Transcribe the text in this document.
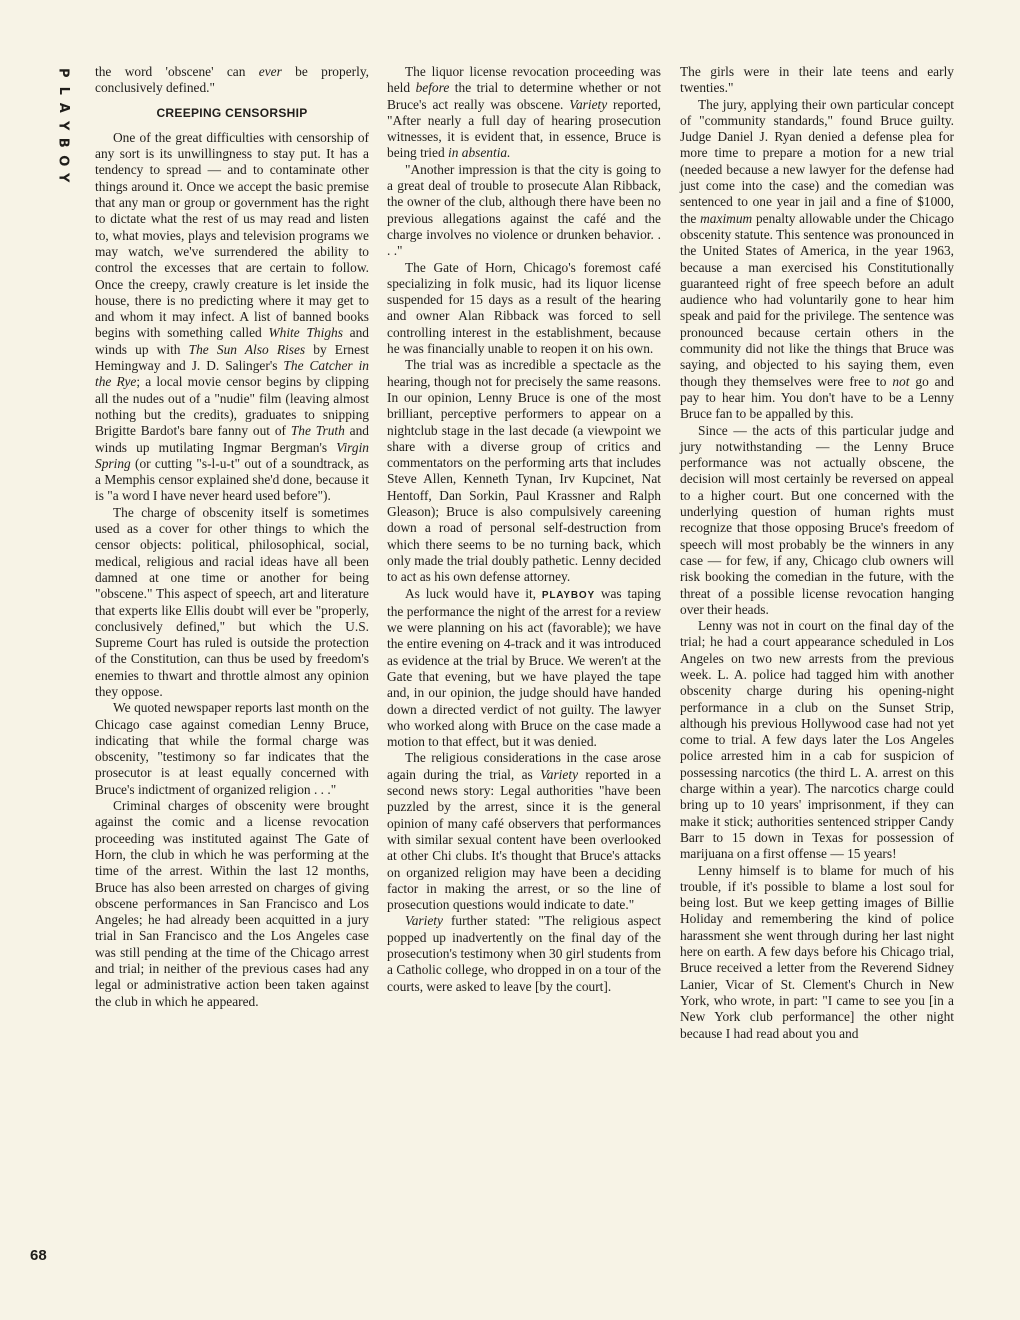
P
L
A
Y
B
O
Y
68

the word 'obscene' can ever be properly, conclusively defined."

CREEPING CENSORSHIP

One of the great difficulties with censorship of any sort is its unwillingness to stay put. It has a tendency to spread — and to contaminate other things around it. Once we accept the basic premise that any man or group or government has the right to dictate what the rest of us may read and listen to, what movies, plays and television programs we may watch, we've surrendered the ability to control the excesses that are certain to follow. Once the creepy, crawly creature is let inside the house, there is no predicting where it may get to and whom it may infect. A list of banned books begins with something called White Thighs and winds up with The Sun Also Rises by Ernest Hemingway and J. D. Salinger's The Catcher in the Rye; a local movie censor begins by clipping all the nudes out of a "nudie" film (leaving almost nothing but the credits), graduates to snipping Brigitte Bardot's bare fanny out of The Truth and winds up mutilating Ingmar Bergman's Virgin Spring (or cutting "s-l-u-t" out of a soundtrack, as a Memphis censor explained she'd done, because it is "a word I have never heard used before").

The charge of obscenity itself is sometimes used as a cover for other things to which the censor objects: political, philosophical, social, medical, religious and racial ideas have all been damned at one time or another for being "obscene." This aspect of speech, art and literature that experts like Ellis doubt will ever be "properly, conclusively defined," but which the U.S. Supreme Court has ruled is outside the protection of the Constitution, can thus be used by freedom's enemies to thwart and throttle almost any opinion they oppose.

We quoted newspaper reports last month on the Chicago case against comedian Lenny Bruce, indicating that while the formal charge was obscenity, "testimony so far indicates that the prosecutor is at least equally concerned with Bruce's indictment of organized religion . . ."

Criminal charges of obscenity were brought against the comic and a license revocation proceeding was instituted against The Gate of Horn, the club in which he was performing at the time of the arrest. Within the last 12 months, Bruce has also been arrested on charges of giving obscene performances in San Francisco and Los Angeles; he had already been acquitted in a jury trial in San Francisco and the Los Angeles case was still pending at the time of the Chicago arrest and trial; in neither of the previous cases had any legal or administrative action been taken against the club in which he appeared.

The liquor license revocation proceeding was held before the trial to determine whether or not Bruce's act really was obscene. Variety reported, "After nearly a full day of hearing prosecution witnesses, it is evident that, in essence, Bruce is being tried in absentia.

"Another impression is that the city is going to a great deal of trouble to prosecute Alan Ribback, the owner of the club, although there have been no previous allegations against the café and the charge involves no violence or drunken behavior. . . ."

The Gate of Horn, Chicago's foremost café specializing in folk music, had its liquor license suspended for 15 days as a result of the hearing and owner Alan Ribback was forced to sell controlling interest in the establishment, because he was financially unable to reopen it on his own.

The trial was as incredible a spectacle as the hearing, though not for precisely the same reasons. In our opinion, Lenny Bruce is one of the most brilliant, perceptive performers to appear on a nightclub stage in the last decade (a viewpoint we share with a diverse group of critics and commentators on the performing arts that includes Steve Allen, Kenneth Tynan, Irv Kupcinet, Nat Hentoff, Dan Sorkin, Paul Krassner and Ralph Gleason); Bruce is also compulsively careening down a road of personal self-destruction from which there seems to be no turning back, which only made the trial doubly pathetic. Lenny decided to act as his own defense attorney.

As luck would have it, PLAYBOY was taping the performance the night of the arrest for a review we were planning on his act (favorable); we have the entire evening on 4-track and it was introduced as evidence at the trial by Bruce. We weren't at the Gate that evening, but we have played the tape and, in our opinion, the judge should have handed down a directed verdict of not guilty. The lawyer who worked along with Bruce on the case made a motion to that effect, but it was denied.

The religious considerations in the case arose again during the trial, as Variety reported in a second news story: Legal authorities "have been puzzled by the arrest, since it is the general opinion of many café observers that performances with similar sexual content have been overlooked at other Chi clubs. It's thought that Bruce's attacks on organized religion may have been a deciding factor in making the arrest, or so the line of prosecution questions would indicate to date."

Variety further stated: "The religious aspect popped up inadvertently on the final day of the prosecution's testimony when 30 girl students from a Catholic college, who dropped in on a tour of the courts, were asked to leave [by the court].

The girls were in their late teens and early twenties."

The jury, applying their own particular concept of "community standards," found Bruce guilty. Judge Daniel J. Ryan denied a defense plea for more time to prepare a motion for a new trial (needed because a new lawyer for the defense had just come into the case) and the comedian was sentenced to one year in jail and a fine of $1000, the maximum penalty allowable under the Chicago obscenity statute. This sentence was pronounced in the United States of America, in the year 1963, because a man exercised his Constitutionally guaranteed right of free speech before an adult audience who had voluntarily gone to hear him speak and paid for the privilege. The sentence was pronounced because certain others in the community did not like the things that Bruce was saying, and objected to his saying them, even though they themselves were free to not go and pay to hear him. You don't have to be a Lenny Bruce fan to be appalled by this.

Since — the acts of this particular judge and jury notwithstanding — the Lenny Bruce performance was not actually obscene, the decision will most certainly be reversed on appeal to a higher court. But one concerned with the underlying question of human rights must recognize that those opposing Bruce's freedom of speech will most probably be the winners in any case — for few, if any, Chicago club owners will risk booking the comedian in the future, with the threat of a possible license revocation hanging over their heads.

Lenny was not in court on the final day of the trial; he had a court appearance scheduled in Los Angeles on two new arrests from the previous week. L. A. police had tagged him with another obscenity charge during his opening-night performance in a club on the Sunset Strip, although his previous Hollywood case had not yet come to trial. A few days later the Los Angeles police arrested him in a cab for suspicion of possessing narcotics (the third L. A. arrest on this charge within a year). The narcotics charge could bring up to 10 years' imprisonment, if they can make it stick; authorities sentenced stripper Candy Barr to 15 down in Texas for possession of marijuana on a first offense — 15 years!

Lenny himself is to blame for much of his trouble, if it's possible to blame a lost soul for being lost. But we keep getting images of Billie Holiday and remembering the kind of police harassment she went through during her last night here on earth. A few days before his Chicago trial, Bruce received a letter from the Reverend Sidney Lanier, Vicar of St. Clement's Church in New York, who wrote, in part: "I came to see you [in a New York club performance] the other night because I had read about you and
